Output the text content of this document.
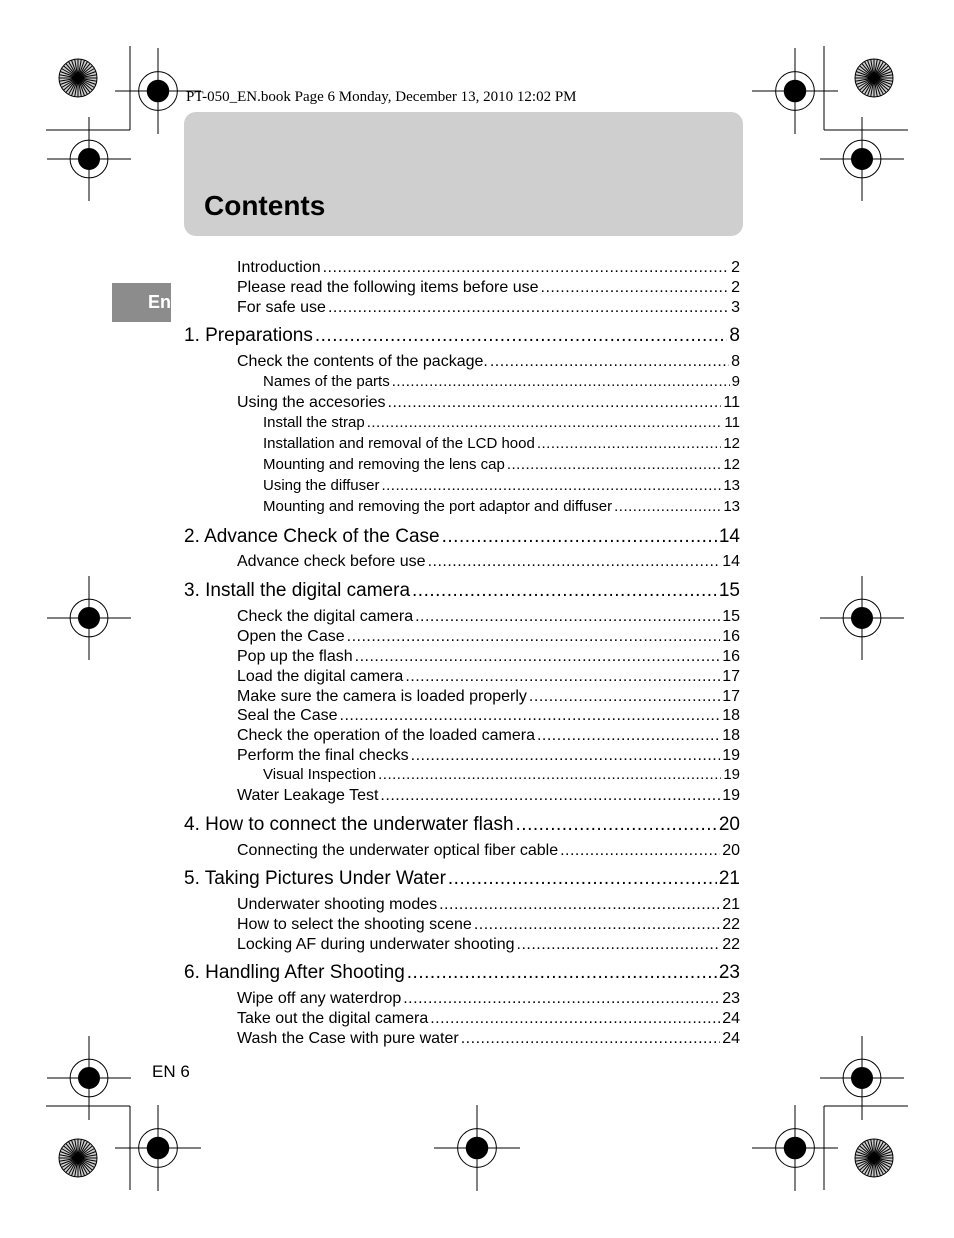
PT-050_EN.book Page 6 Monday, December 13, 2010 12:02 PM
Contents
En
Introduction .....	2
Please read the following items before use .....	2
For safe use .....	3
1. Preparations .....	8
Check the contents of the package. .....	8
Names of the parts .....	9
Using the accesories .....	11
Install the strap .....	11
Installation and removal of the LCD hood .....	12
Mounting and removing the lens cap .....	12
Using the diffuser .....	13
Mounting and removing the port adaptor and diffuser .....	13
2. Advance Check of the Case .....	14
Advance check before use .....	14
3. Install the digital camera .....	15
Check the digital camera .....	15
Open the Case .....	16
Pop up the flash .....	16
Load the digital camera .....	17
Make sure the camera is loaded properly .....	17
Seal the Case .....	18
Check the operation of the loaded camera .....	18
Perform the final checks .....	19
Visual Inspection .....	19
Water Leakage Test .....	19
4. How to connect the underwater flash .....	20
Connecting the underwater optical fiber cable .....	20
5. Taking Pictures Under Water .....	21
Underwater shooting modes .....	21
How to select the shooting scene .....	22
Locking AF during underwater shooting .....	22
6. Handling After Shooting .....	23
Wipe off any waterdrop .....	23
Take out the digital camera .....	24
Wash the Case with pure water .....	24
EN 6
